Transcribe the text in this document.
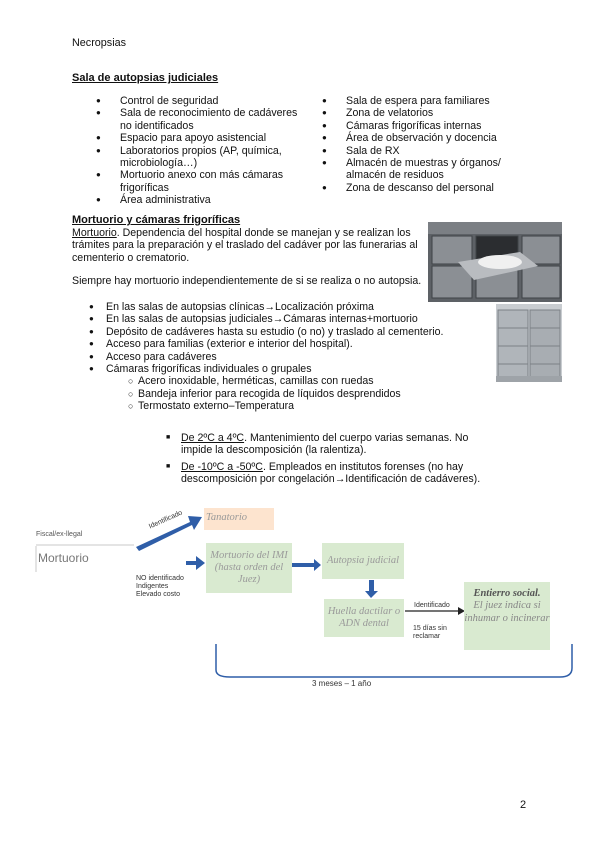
Necropsias
Sala de autopsias judiciales
● Control de seguridad
● Sala de reconocimiento de cadáveres no identificados
● Espacio para apoyo asistencial
● Laboratorios propios (AP, química, microbiología…)
● Mortuorio anexo con más cámaras frigoríficas
● Área administrativa
● Sala de espera para familiares
● Zona de velatorios
● Cámaras frigoríficas internas
● Área de observación y docencia
● Sala de RX
● Almacén de muestras y órganos/ almacén de residuos
● Zona de descanso del personal
Mortuorio y cámaras frigoríficas
Mortuorio. Dependencia del hospital donde se manejan y se realizan los trámites para la preparación y el traslado del cadáver por las funerarias al cementerio o crematorio.
Siempre hay mortuorio independientemente de si se realiza o no autopsia.
● En las salas de autopsias clínicas→Localización próxima
● En las salas de autopsias judiciales→Cámaras internas+mortuorio
● Depósito de cadáveres hasta su estudio (o no) y traslado al cementerio.
● Acceso para familias (exterior e interior del hospital).
● Acceso para cadáveres
● Cámaras frigoríficas individuales o grupales
○ Acero inoxidable, herméticas, camillas con ruedas
○ Bandeja inferior para recogida de líquidos desprendidos
○ Termostato externo–Temperatura
■ De 2ºC a 4ºC. Mantenimiento del cuerpo varias semanas. No impide la descomposición (la ralentiza).
■ De -10ºC a -50ºC. Empleados en institutos forenses (no hay descomposición por congelación→Identificación de cadáveres).
Fiscal/ex-llegal
Mortuorio
Identificado Tanatorio
NO identificado
Indigentes
Elevado costo
Mortuorio del IMI (hasta orden del Juez)
Autopsia judicial
Huella dactilar o ADN dental
Identificado
15 días sin reclamar
Entierro social.
El juez indica si inhumar o incinerar
3 meses – 1 año
2
